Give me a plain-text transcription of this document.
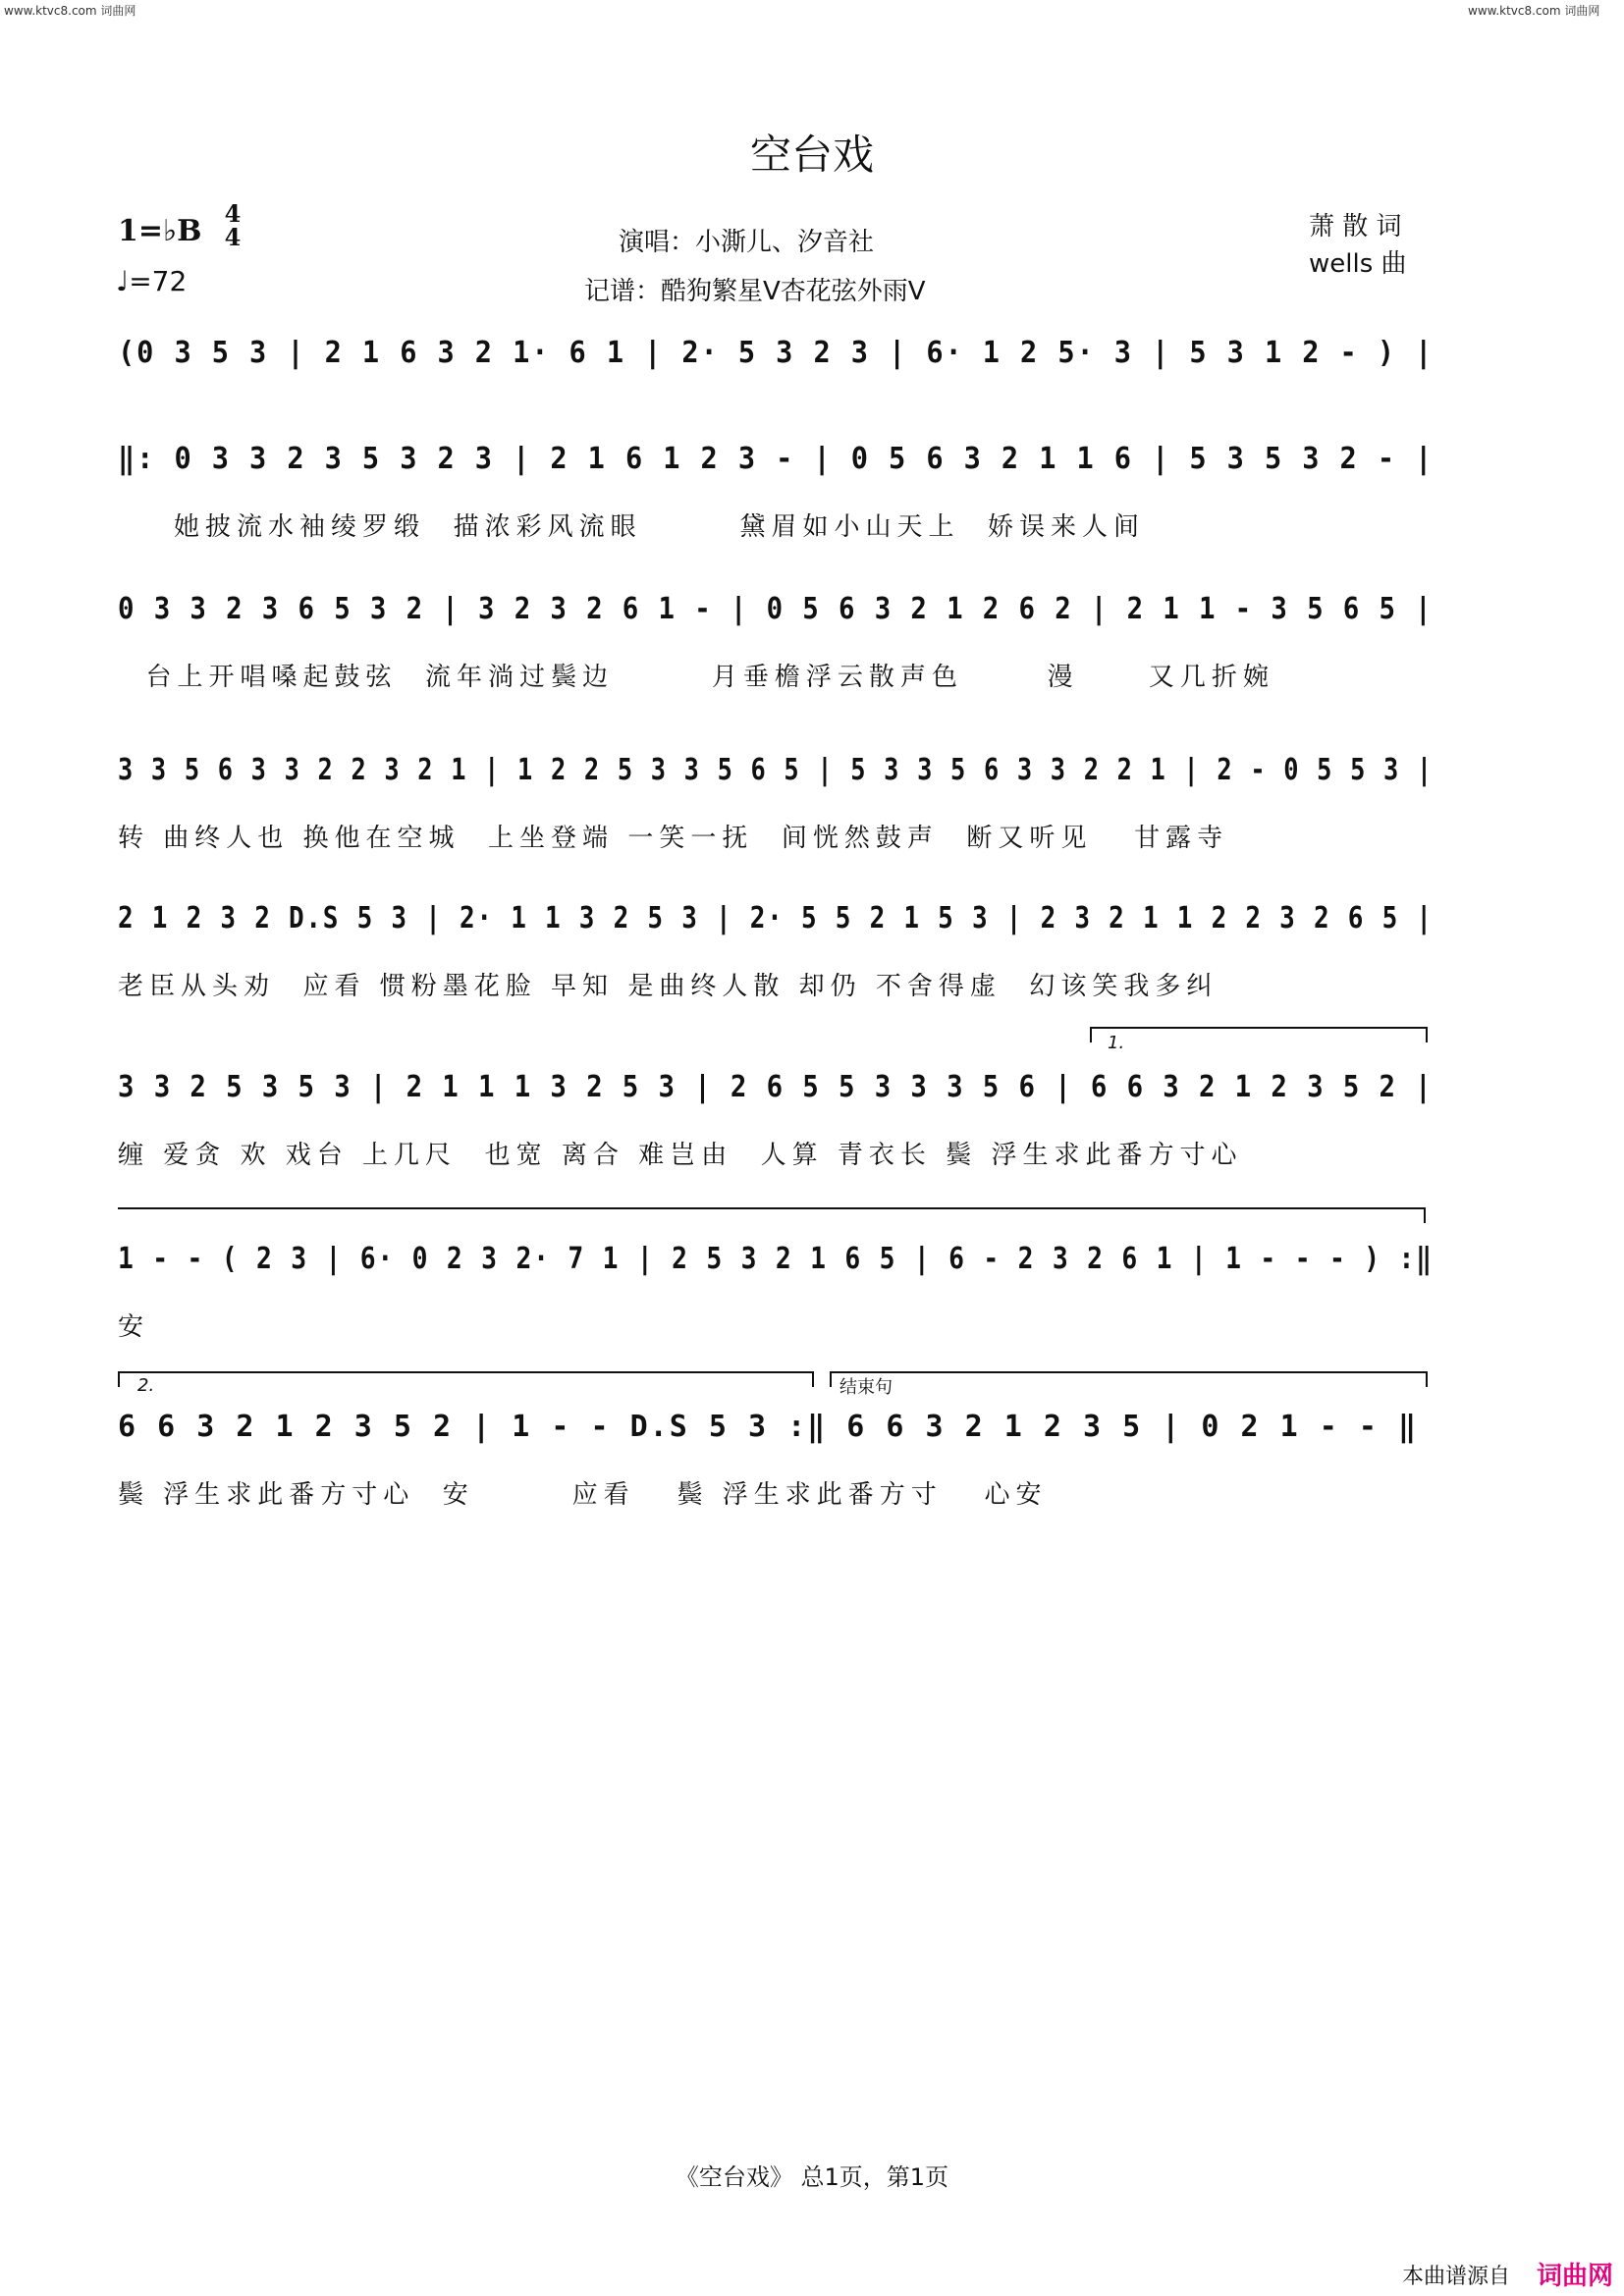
www.ktvc8.com 词曲网	www.ktvc8.com 词曲网
空台戏
1=♭B
4
4
♩=72
演唱：小澌儿、汐音社
记谱：酷狗繁星V杏花弦外雨V
萧 散 词
wells 曲
(0 3 5 3 | 2 1 6 3 2 1· 6 1 | 2· 5 3 2 3 | 6· 1 2 5· 3 | 5 3 1 2 - ) |
‖: 0 3 3 2 3 5 3 2 3 | 2 1 6 1 2 3 - | 0 5 6 3 2 1 1 6 | 5 3 5 3 2 - |
她披流水袖绫罗缎  描浓彩风流眼       黛眉如小山天上  娇误来人间
0 3 3 2 3 6 5 3 2 | 3 2 3 2 6 1 - | 0 5 6 3 2 1 2 6 2 | 2 1 1 - 3 5 6 5 |
台上开唱嗓起鼓弦  流年淌过鬓边       月垂檐浮云散声色      漫     又几折婉
3 3 5 6 3 3 2 2 3 2 1 | 1 2 2 5 3 3 5 6 5 | 5 3 3 5 6 3 3 2 2 1 | 2 - 0 5 5 3 |
转 曲终人也 换他在空城  上坐登端 一笑一抚  间恍然鼓声  断又听见   甘露寺
2 1 2 3 2 D.S 5 3 | 2· 1 1 3 2 5 3 | 2· 5 5 2 1 5 3 | 2 3 2 1 1 2 2 3 2 6 5 |
老臣从头劝  应看 惯粉墨花脸 早知 是曲终人散 却仍 不舍得虚  幻该笑我多纠
3 3 2 5 3 5 3 | 2 1 1 1 3 2 5 3 | 2 6 5 5 3 3 3 5 6 | 6 6 3 2 1 2 3 5 2 |
缠 爱贪 欢 戏台 上几尺  也宽 离合 难岂由  人算 青衣长 鬓 浮生求此番方寸心
1.
1 - - ( 2 3 | 6· 0 2 3 2· 7 1 | 2 5 3 2 1 6 5 | 6 - 2 3 2 6 1 | 1 - - - ) :‖
安
2.	结束句
6 6 3 2 1 2 3 5 2 | 1 - - D.S 5 3 :‖ 6 6 3 2 1 2 3 5 | 0 2 1 - - ‖
鬓 浮生求此番方寸心  安       应看   鬓 浮生求此番方寸   心安
《空台戏》 总1页，第1页
本曲谱源自 词曲网
